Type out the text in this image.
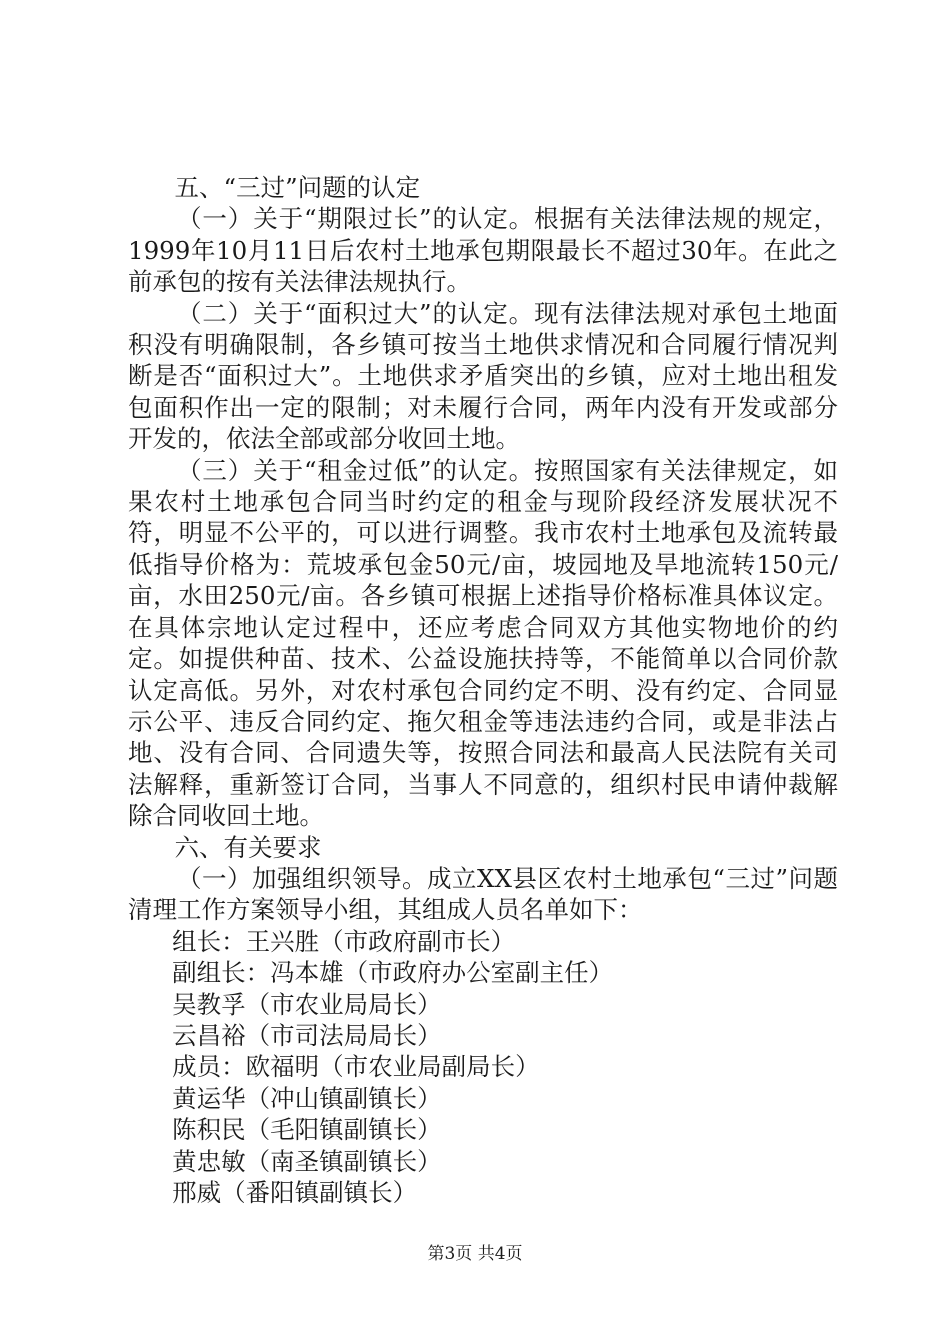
五、“三过”问题的认定

（一）关于“期限过长”的认定。根据有关法律法规的规定，1999年10月11日后农村土地承包期限最长不超过30年。在此之前承包的按有关法律法规执行。

（二）关于“面积过大”的认定。现有法律法规对承包土地面积没有明确限制，各乡镇可按当土地供求情况和合同履行情况判断是否“面积过大”。土地供求矛盾突出的乡镇，应对土地出租发包面积作出一定的限制；对未履行合同，两年内没有开发或部分开发的，依法全部或部分收回土地。

（三）关于“租金过低”的认定。按照国家有关法律规定，如果农村土地承包合同当时约定的租金与现阶段经济发展状况不符，明显不公平的，可以进行调整。我市农村土地承包及流转最低指导价格为：荒坡承包金50元/亩，坡园地及旱地流转150元/亩，水田250元/亩。各乡镇可根据上述指导价格标准具体议定。在具体宗地认定过程中，还应考虑合同双方其他实物地价的约定。如提供种苗、技术、公益设施扶持等，不能简单以合同价款认定高低。另外，对农村承包合同约定不明、没有约定、合同显示公平、违反合同约定、拖欠租金等违法违约合同，或是非法占地、没有合同、合同遗失等，按照合同法和最高人民法院有关司法解释，重新签订合同，当事人不同意的，组织村民申请仲裁解除合同收回土地。

六、有关要求

（一）加强组织领导。成立XX县区农村土地承包“三过”问题清理工作方案领导小组，其组成人员名单如下：

组长：王兴胜（市政府副市长）

副组长：冯本雄（市政府办公室副主任）

吴教孚（市农业局局长）

云昌裕（市司法局局长）

成员：欧福明（市农业局副局长）

黄运华（冲山镇副镇长）

陈积民（毛阳镇副镇长）

黄忠敏（南圣镇副镇长）

邢威（番阳镇副镇长）

第3页 共4页
